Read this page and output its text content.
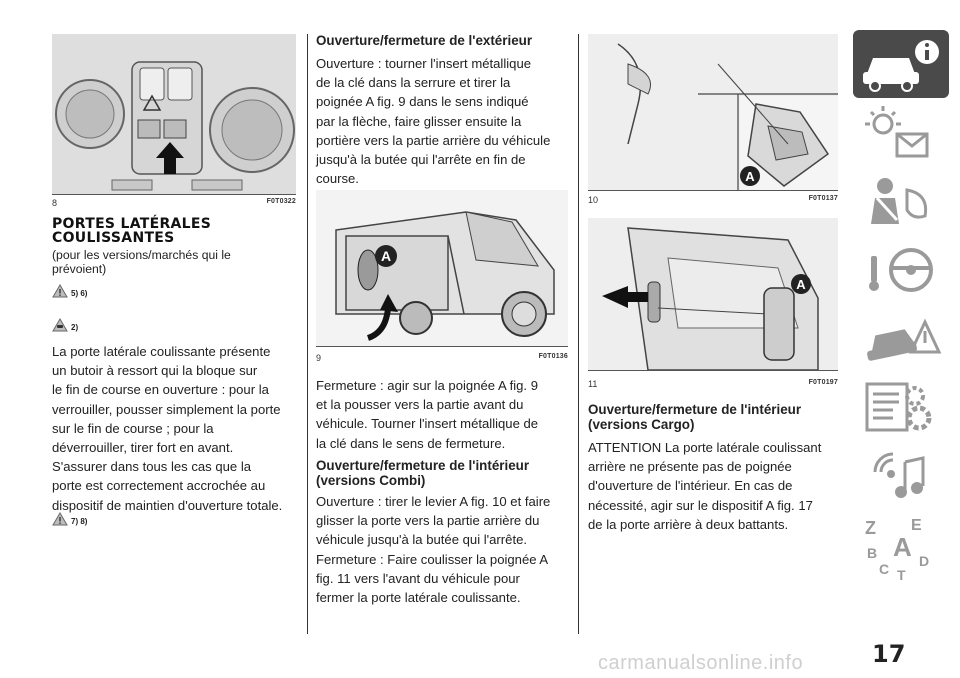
8	F0T0322
PORTES LATÉRALES
COULISSANTES
(pour les versions/marchés qui le
prévoient)
5) 6)
2)
La porte latérale coulissante présente
un butoir à ressort qui la bloque sur
le fin de course en ouverture : pour la
verrouiller, pousser simplement la porte
sur le fin de course ; pour la
déverrouiller, tirer fort en avant.
S'assurer dans tous les cas que la
porte est correctement accrochée au
dispositif de maintien d'ouverture totale.
7) 8)
Ouverture/fermeture de l'extérieur
Ouverture : tourner l'insert métallique
de la clé dans la serrure et tirer la
poignée A fig. 9 dans le sens indiqué
par la flèche, faire glisser ensuite la
portière vers la partie arrière du véhicule
jusqu'à la butée qui l'arrête en fin de
course.
A
9	F0T0136
Fermeture : agir sur la poignée A fig. 9
et la pousser vers la partie avant du
véhicule. Tourner l'insert métallique de
la clé dans le sens de fermeture.
Ouverture/fermeture de l'intérieur
(versions Combi)
Ouverture : tirer le levier A fig. 10 et faire
glisser la porte vers la partie arrière du
véhicule jusqu'à la butée qui l'arrête.
Fermeture : Faire coulisser la poignée A
fig. 11 vers l'avant du véhicule pour
fermer la porte latérale coulissante.
A
10	F0T0137
A
11	F0T0197
Ouverture/fermeture de l'intérieur
(versions Cargo)
ATTENTION La porte latérale coulissant
arrière ne présente pas de poignée
d'ouverture de l'intérieur. En cas de
nécessité, agir sur le dispositif A fig. 17
de la porte arrière à deux battants.	Z E
B A
C D
T
17
carmanualsonline.info
